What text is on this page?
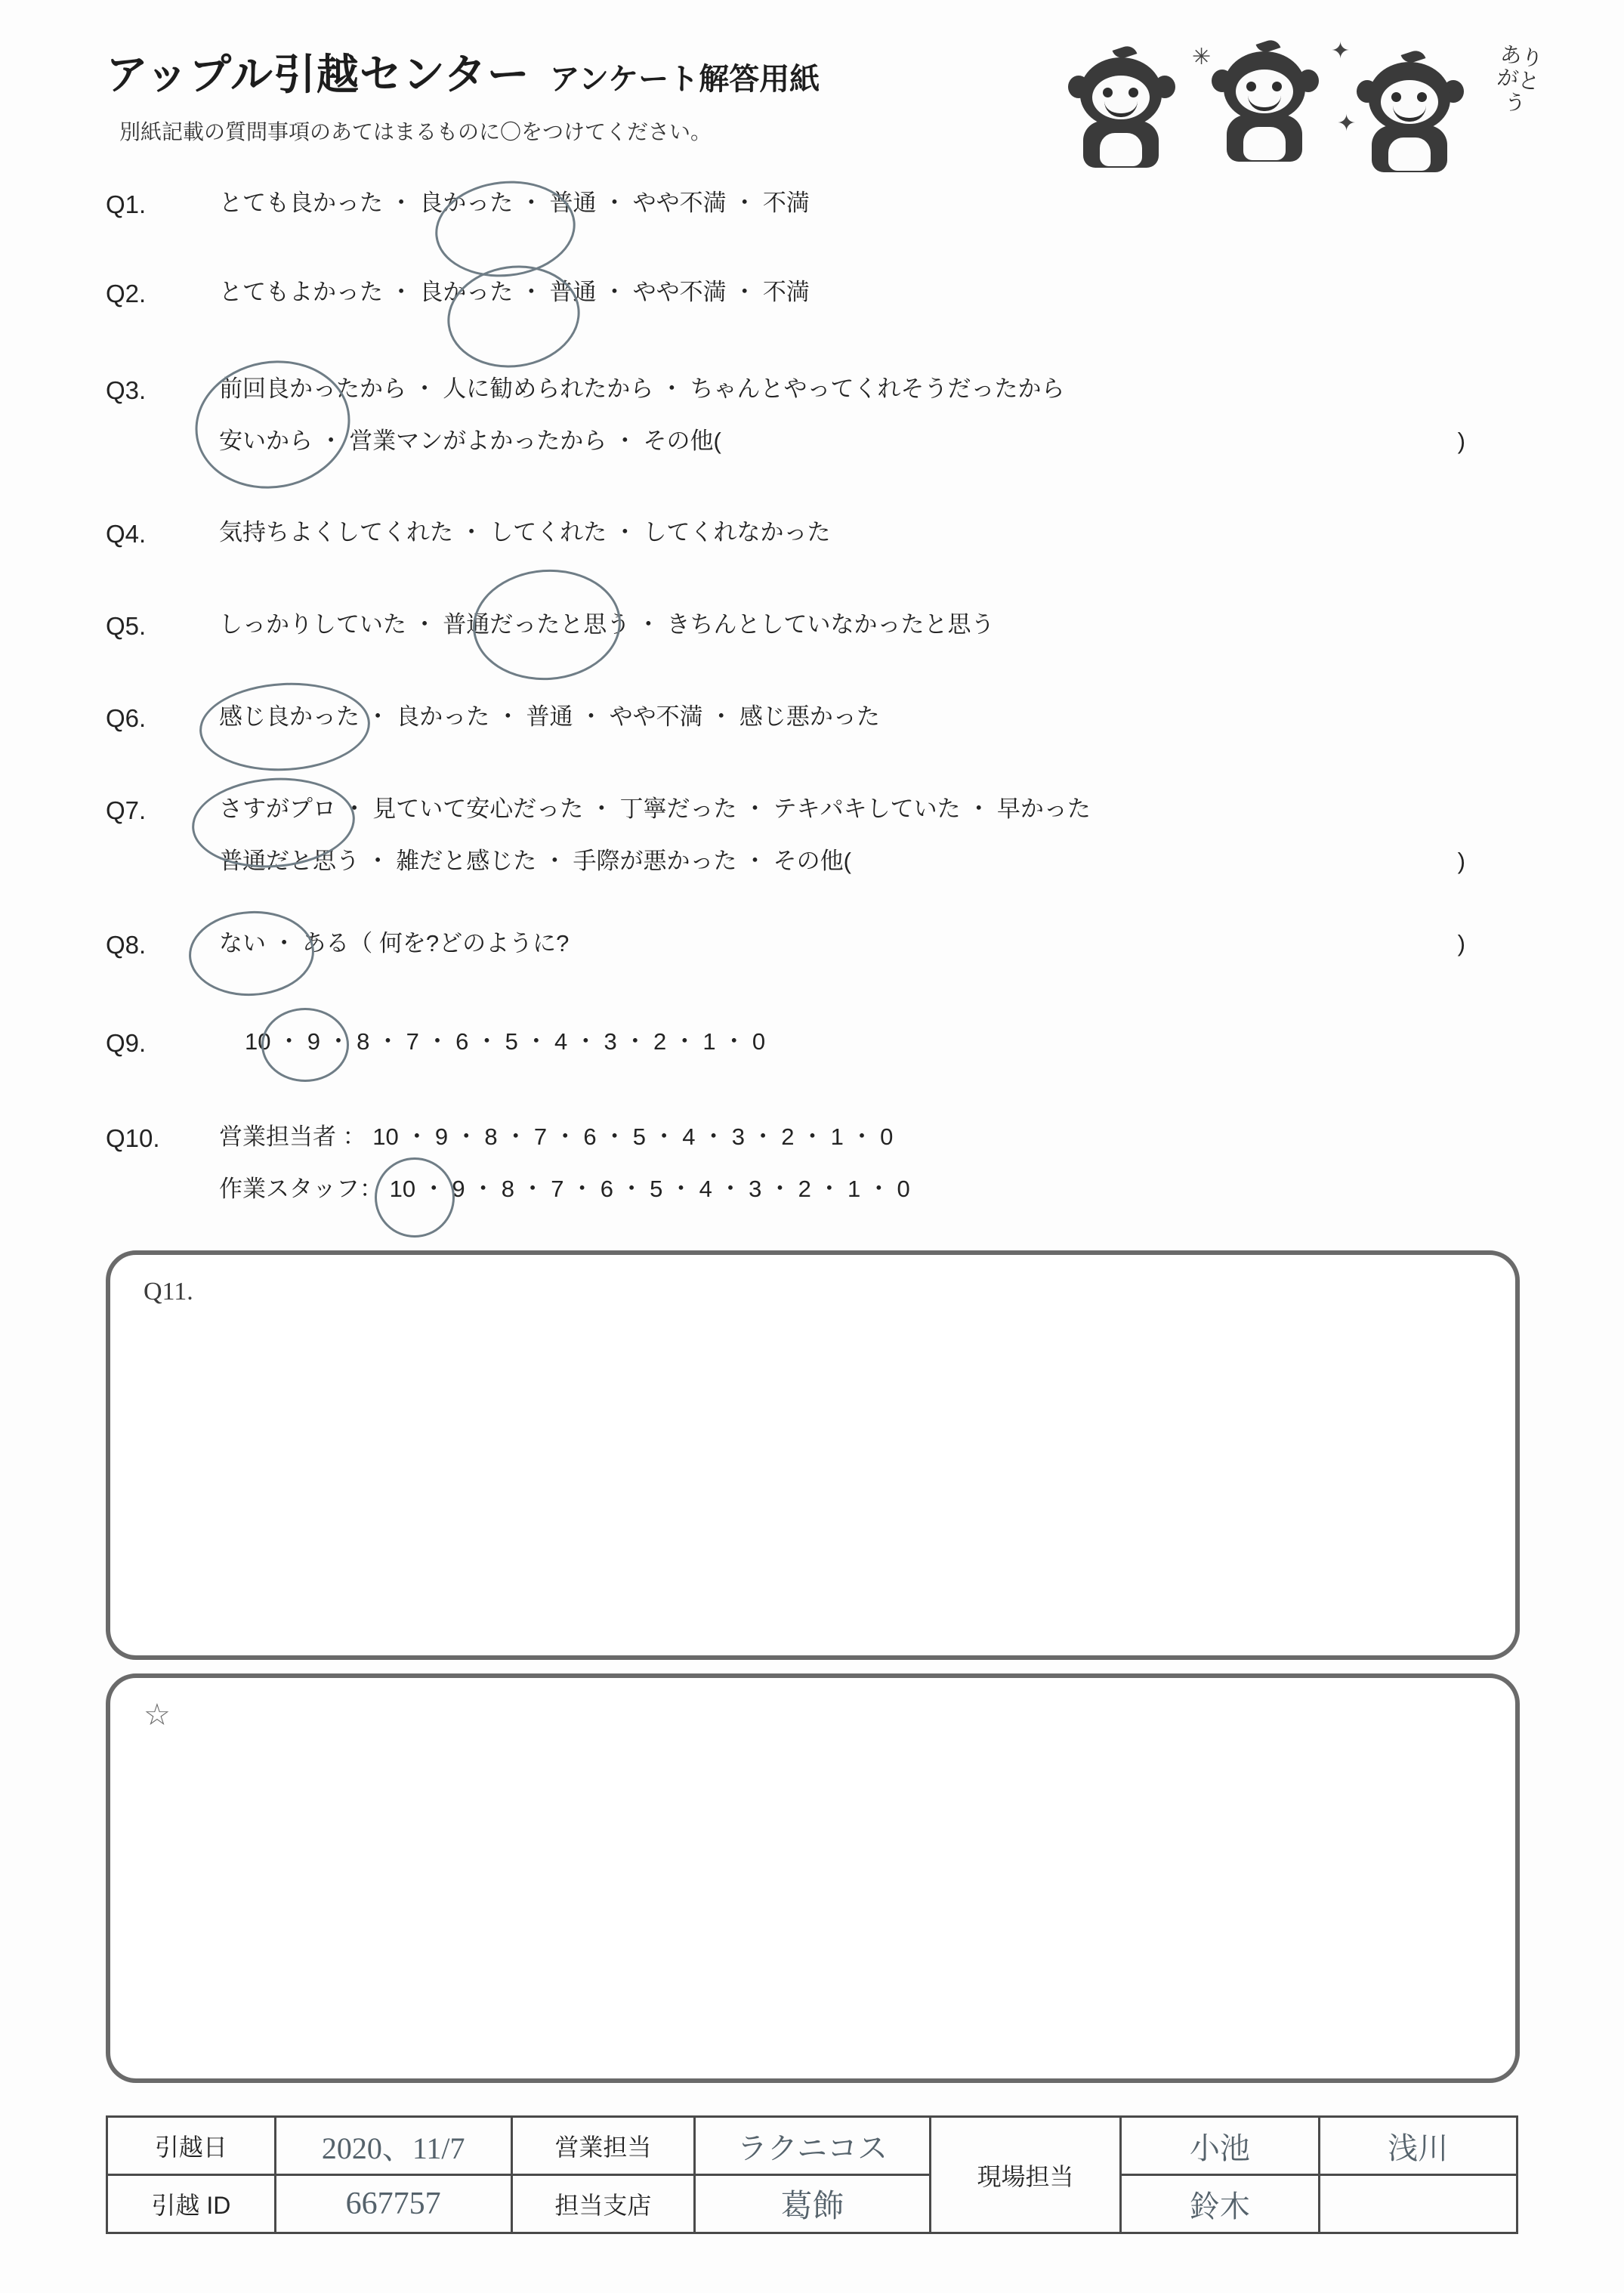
アップル引越センター アンケート解答用紙
別紙記載の質問事項のあてはまるものに〇をつけてください。
✳	✦
✦
ありがとう
Q1.	とても良かった ・ 良かった ・ 普通 ・ やや不満 ・ 不満
Q2.	とてもよかった ・ 良かった ・ 普通 ・ やや不満 ・ 不満
Q3.	前回良かったから ・ 人に勧められたから ・ ちゃんとやってくれそうだったから
安いから ・ 営業マンがよかったから ・ その他(	)
Q4.	気持ちよくしてくれた ・ してくれた ・ してくれなかった
Q5.	しっかりしていた ・ 普通だったと思う ・ きちんとしていなかったと思う
Q6.	感じ良かった ・ 良かった ・ 普通 ・ やや不満 ・ 感じ悪かった
Q7.	さすがプロ ・ 見ていて安心だった ・ 丁寧だった ・ テキパキしていた ・ 早かった
普通だと思う ・ 雑だと感じた ・ 手際が悪かった ・ その他(	)
Q8.	ない ・ ある（ 何を?どのように?	)
Q9.	10 ・ 9 ・ 8 ・ 7 ・ 6 ・ 5 ・ 4 ・ 3 ・ 2 ・ 1 ・ 0
Q10.	営業担当者 ： 10 ・ 9 ・ 8 ・ 7 ・ 6 ・ 5 ・ 4 ・ 3 ・ 2 ・ 1 ・ 0
作業スタッフ： 10 ・ 9 ・ 8 ・ 7 ・ 6 ・ 5 ・ 4 ・ 3 ・ 2 ・ 1 ・ 0
Q11.
☆
引越日	2020、11/7	営業担当	ラクニコス	現場担当	小池	浅川
引越 ID	667757	担当支店	葛飾		鈴木	
